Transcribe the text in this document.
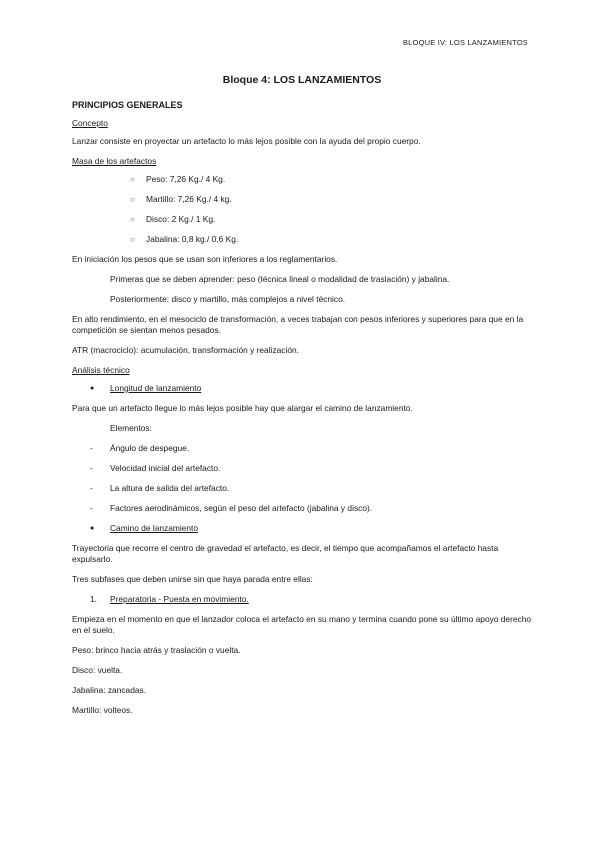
BLOQUE IV: LOS LANZAMIENTOS
Bloque 4: LOS LANZAMIENTOS
PRINCIPIOS GENERALES
Concepto

Lanzar consiste en proyectar un artefacto lo más lejos posible con la ayuda del propio cuerpo.

Masa de los artefactos
○ Peso: 7,26 Kg./ 4 Kg.
○ Martillo: 7,26 Kg./ 4 kg.
○ Disco: 2 Kg./ 1 Kg.
○ Jabalina: 0,8 kg./ 0,6 Kg.

En iniciación los pesos que se usan son inferiores a los reglamentarios.

Primeras que se deben aprender: peso (técnica lineal o modalidad de traslación) y jabalina.

Posteriormente: disco y martillo, más complejos a nivel técnico.

En alto rendimiento, en el mesociclo de transformación, a veces trabajan con pesos inferiores y superiores para que en la competición se sientan menos pesados.

ATR (macrociclo): acumulación, transformación y realización.

Análisis técnico
● Longitud de lanzamiento

Para que un artefacto llegue lo más lejos posible hay que alargar el camino de lanzamiento.

Elementos:

- Ángulo de despegue.
- Velocidad inicial del artefacto.
- La altura de salida del artefacto.
- Factores aerodinámicos, según el peso del artefacto (jabalina y disco).
● Camino de lanzamiento

Trayectoria que recorre el centro de gravedad el artefacto, es decir, el tiempo que acompañamos el artefacto hasta expulsarlo.

Tres subfases que deben unirse sin que haya parada entre ellas:

1. Preparatoria - Puesta en movimiento.

Empieza en el momento en que el lanzador coloca el artefacto en su mano y termina cuando pone su último apoyo derecho en el suelo.

Peso: brinco hacia atrás y traslación o vuelta.

Disco: vuelta.

Jabalina: zancadas.

Martillo: volteos.
